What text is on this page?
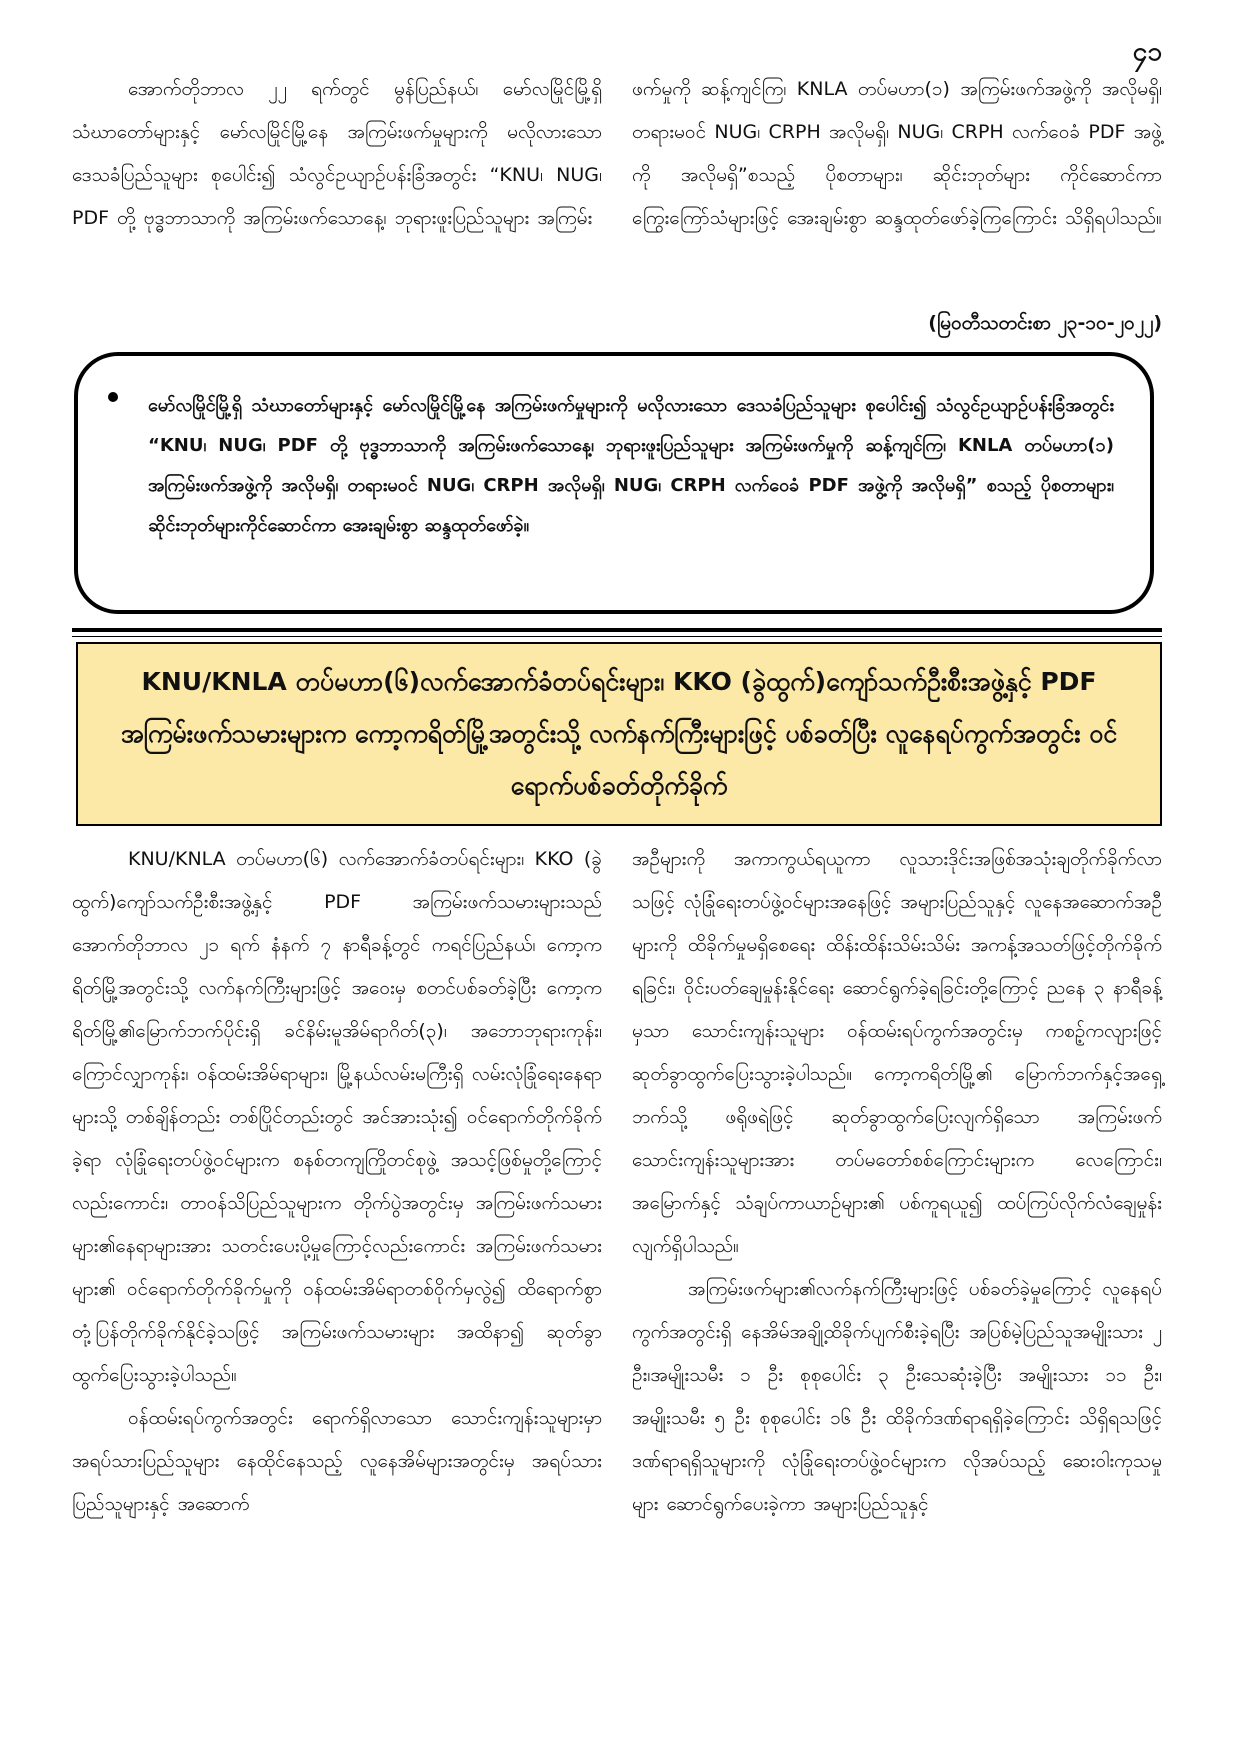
၄၁

အောက်တိုဘာလ ၂၂ ရက်တွင် မွန်ပြည်နယ်၊ မော်လမြိုင်မြို့ရှိ သံဃာတော်များနှင့် မော်လမြိုင်မြို့နေ အကြမ်းဖက်မှုများကို မလိုလားသော ဒေသခံပြည်သူများ စုပေါင်း၍ သံလွင်ဥယျာဉ်ပန်းခြံအတွင်း “KNU၊ NUG၊ PDF တို့ ဗုဒ္ဓဘာသာကို အကြမ်းဖက်သောနေ့၊ ဘုရားဖူးပြည်သူများ အကြမ်း

ဖက်မှုကို ဆန့်ကျင်ကြ၊ KNLA တပ်မဟာ(၁) အကြမ်းဖက်အဖွဲ့ကို အလိုမရှိ၊ တရားမဝင် NUG၊ CRPH အလိုမရှိ၊ NUG၊ CRPH လက်ဝေခံ PDF အဖွဲ့ကို အလိုမရှိ”စသည့် ပိုစတာများ၊ ဆိုင်းဘုတ်များ ကိုင်ဆောင်ကာ ကြွေးကြော်သံများဖြင့် အေးချမ်းစွာ ဆန္ဒထုတ်ဖော်ခဲ့ကြကြောင်း သိရှိရပါသည်။

(မြဝတီသတင်းစာ ၂၃-၁၀-၂၀၂၂)

မော်လမြိုင်မြို့ရှိ သံဃာတော်များနှင့် မော်လမြိုင်မြို့နေ အကြမ်းဖက်မှုများကို မလိုလားသော ဒေသခံပြည်သူများ စုပေါင်း၍ သံလွင်ဥယျာဉ်ပန်းခြံအတွင်း “KNU၊ NUG၊ PDF တို့ ဗုဒ္ဓဘာသာကို အကြမ်းဖက်သောနေ့၊ ဘုရားဖူးပြည်သူများ အကြမ်းဖက်မှုကို ဆန့်ကျင်ကြ၊ KNLA တပ်မဟာ(၁) အကြမ်းဖက်အဖွဲ့ကို အလိုမရှိ၊ တရားမဝင် NUG၊ CRPH အလိုမရှိ၊ NUG၊ CRPH လက်ဝေခံ PDF အဖွဲ့ကို အလိုမရှိ” စသည့် ပိုစတာများ၊ ဆိုင်းဘုတ်များကိုင်ဆောင်ကာ အေးချမ်းစွာ ဆန္ဒထုတ်ဖော်ခဲ့။

KNU/KNLA တပ်မဟာ(၆)လက်အောက်ခံတပ်ရင်းများ၊ KKO (ခွဲထွက်)ကျော်သက်ဦးစီးအဖွဲ့နှင့် PDF အကြမ်းဖက်သမားများက ကော့ကရိတ်မြို့အတွင်းသို့ လက်နက်ကြီးများဖြင့် ပစ်ခတ်ပြီး လူနေရပ်ကွက်အတွင်း ဝင်ရောက်ပစ်ခတ်တိုက်ခိုက်

KNU/KNLA တပ်မဟာ(၆) လက်အောက်ခံတပ်ရင်းများ၊ KKO (ခွဲထွက်)ကျော်သက်ဦးစီးအဖွဲ့နှင့် PDF အကြမ်းဖက်သမားများသည် အောက်တိုဘာလ ၂၁ ရက် နံနက် ၇ နာရီခန့်တွင် ကရင်ပြည်နယ်၊ ကော့ကရိတ်မြို့အတွင်းသို့ လက်နက်ကြီးများဖြင့် အဝေးမှ စတင်ပစ်ခတ်ခဲ့ပြီး ကော့ကရိတ်မြို့၏မြောက်ဘက်ပိုင်းရှိ ခင်နိမ်းမူအိမ်ရာဂိတ်(၃)၊ အဘောဘုရားကုန်း၊ ကြောင်လျှာကုန်း၊ ဝန်ထမ်းအိမ်ရာများ၊ မြို့နယ်လမ်းမကြီးရှိ လမ်းလုံခြုံရေးနေရာများသို့ တစ်ချိန်တည်း တစ်ပြိုင်တည်းတွင် အင်အားသုံး၍ ဝင်ရောက်တိုက်ခိုက်ခဲ့ရာ လုံခြုံရေးတပ်ဖွဲ့ဝင်များက စနစ်တကျကြိုတင်စုဖွဲ့ အသင့်ဖြစ်မှုတို့ကြောင့်လည်းကောင်း၊ တာဝန်သိပြည်သူများက တိုက်ပွဲအတွင်းမှ အကြမ်းဖက်သမားများ၏နေရာများအား သတင်းပေးပို့မှုကြောင့်လည်းကောင်း အကြမ်းဖက်သမားများ၏ ဝင်ရောက်တိုက်ခိုက်မှုကို ဝန်ထမ်းအိမ်ရာတစ်ဝိုက်မှလွဲ၍ ထိရောက်စွာ တုံ့ပြန်တိုက်ခိုက်နိုင်ခဲ့သဖြင့် အကြမ်းဖက်သမားများ အထိနာ၍ ဆုတ်ခွာထွက်ပြေးသွားခဲ့ပါသည်။

ဝန်ထမ်းရပ်ကွက်အတွင်း ရောက်ရှိလာသော သောင်းကျန်းသူများမှာ အရပ်သားပြည်သူများ နေထိုင်နေသည့် လူနေအိမ်များအတွင်းမှ အရပ်သားပြည်သူများနှင့် အဆောက်

အဦများကို အကာကွယ်ရယူကာ လူသားဒိုင်းအဖြစ်အသုံးချတိုက်ခိုက်လာသဖြင့် လုံခြုံရေးတပ်ဖွဲ့ဝင်များအနေဖြင့် အများပြည်သူနှင့် လူနေအဆောက်အဦများကို ထိခိုက်မှုမရှိစေရေး ထိန်းထိန်းသိမ်းသိမ်း အကန့်အသတ်ဖြင့်တိုက်ခိုက်ရခြင်း၊ ဝိုင်းပတ်ချေမှုန်းနိုင်ရေး ဆောင်ရွက်ခဲ့ရခြင်းတို့ကြောင့် ညနေ ၃ နာရီခန့်မှသာ သောင်းကျန်းသူများ ဝန်ထမ်းရပ်ကွက်အတွင်းမှ ကစဉ့်ကလျားဖြင့် ဆုတ်ခွာထွက်ပြေးသွားခဲ့ပါသည်။ ကော့ကရိတ်မြို့၏ မြောက်ဘက်နှင့်အရှေ့ဘက်သို့ ဖရိုဖရဲဖြင့် ဆုတ်ခွာထွက်ပြေးလျက်ရှိသော အကြမ်းဖက်သောင်းကျန်းသူများအား တပ်မတော်စစ်ကြောင်းများက လေကြောင်း၊ အမြောက်နှင့် သံချပ်ကာယာဉ်များ၏ ပစ်ကူရယူ၍ ထပ်ကြပ်လိုက်လံချေမှုန်းလျက်ရှိပါသည်။

အကြမ်းဖက်များ၏လက်နက်ကြီးများဖြင့် ပစ်ခတ်ခဲ့မှုကြောင့် လူနေရပ်ကွက်အတွင်းရှိ နေအိမ်အချို့ထိခိုက်ပျက်စီးခဲ့ရပြီး အပြစ်မဲ့ပြည်သူအမျိုးသား ၂ ဦး၊အမျိုးသမီး ၁ ဦး စုစုပေါင်း ၃ ဦးသေဆုံးခဲ့ပြီး အမျိုးသား ၁၁ ဦး၊ အမျိုးသမီး ၅ ဦး စုစုပေါင်း ၁၆ ဦး ထိခိုက်ဒဏ်ရာရရှိခဲ့ကြောင်း သိရှိရသဖြင့် ဒဏ်ရာရရှိသူများကို လုံခြုံရေးတပ်ဖွဲ့ဝင်များက လိုအပ်သည့် ဆေးဝါးကုသမှုများ ဆောင်ရွက်ပေးခဲ့ကာ အများပြည်သူနှင့်
